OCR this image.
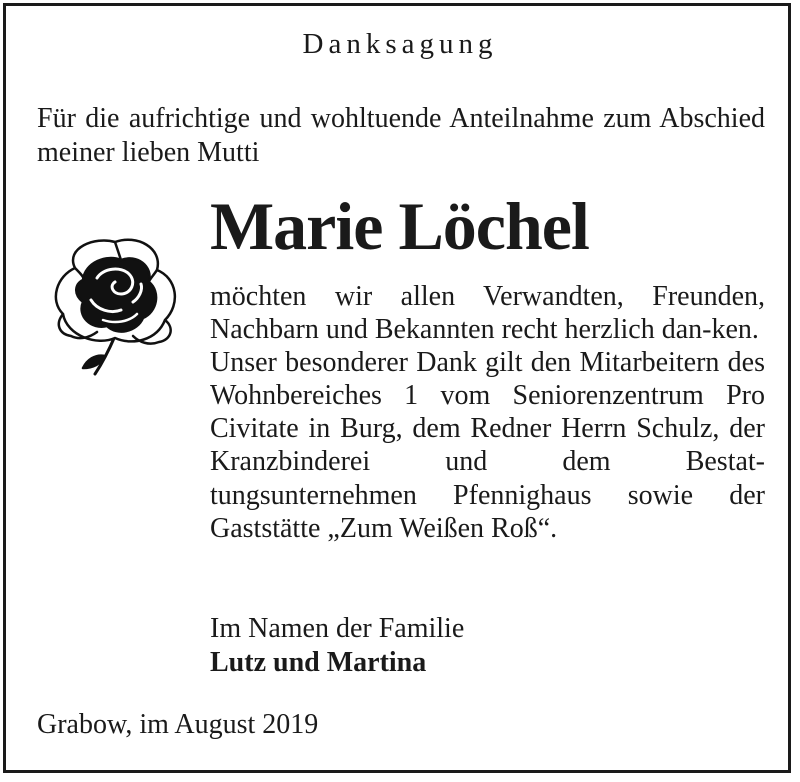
Danksagung
Für die aufrichtige und wohltuende Anteilnahme zum Abschied meiner lieben Mutti
Marie Löchel

möchten wir allen Verwandten, Freunden, Nachbarn und Bekannten recht herzlich dan-ken.

Unser besonderer Dank gilt den Mitarbeitern des Wohnbereiches 1 vom Seniorenzentrum Pro Civitate in Burg, dem Redner Herrn Schulz, der Kranzbinderei und dem Bestat-tungsunternehmen Pfennighaus sowie der Gaststätte „Zum Weißen Roß“.

Im Namen der Familie
Lutz und Martina
Grabow, im August 2019
